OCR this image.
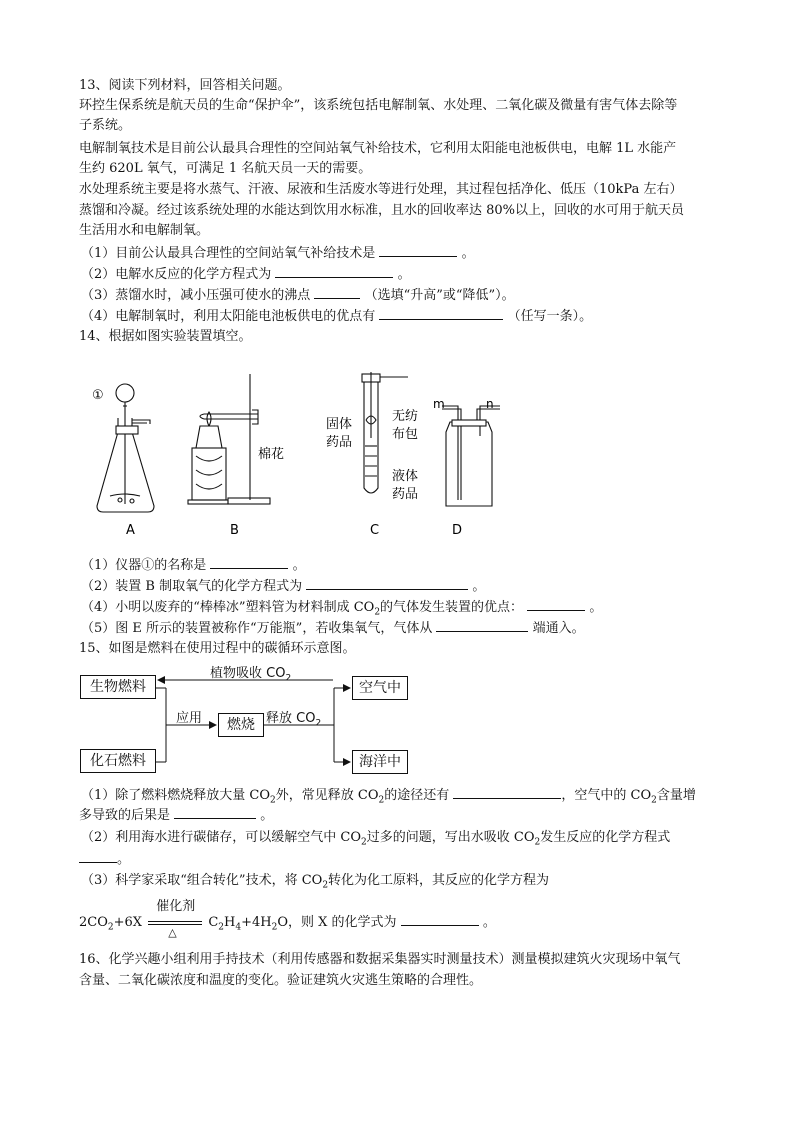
13、阅读下列材料，回答相关问题。
环控生保系统是航天员的生命“保护伞”，该系统包括电解制氧、水处理、二氧化碳及微量有害气体去除等
子系统。
电解制氧技术是目前公认最具合理性的空间站氧气补给技术，它利用太阳能电池板供电，电解 1L 水能产
生约 620L 氧气，可满足 1 名航天员一天的需要。
水处理系统主要是将水蒸气、汗液、尿液和生活废水等进行处理，其过程包括净化、低压（10kPa 左右）
蒸馏和冷凝。经过该系统处理的水能达到饮用水标准，且水的回收率达 80%以上，回收的水可用于航天员
生活用水和电解制氧。
（1）目前公认最具合理性的空间站氧气补给技术是	。
（2）电解水反应的化学方程式为	。
（3）蒸馏水时，减小压强可使水的沸点	（选填“升高”或“降低”）。
（4）电解制氧时，利用太阳能电池板供电的优点有	（任写一条）。
14、根据如图实验装置填空。
①
棉花
固体
药品
无纺
布包
液体
药品
m	n
A	B	C	D
（1）仪器①的名称是	。
（2）装置 B 制取氧气的化学方程式为	。
（4）小明以废弃的“棒棒冰”塑料管为材料制成 $CO_2$的气体发生装置的优点：	。
（5）图 E 所示的装置被称作“万能瓶”，若收集氧气，气体从	端通入。
15、如图是燃料在使用过程中的碳循环示意图。
植物吸收 $CO_2$
生物燃料
化石燃料
应用	燃烧 释放 $CO_2$
空气中
海洋中
（1）除了燃料燃烧释放大量 $CO_2$外，常见释放 $CO_2$的途径还有	，空气中的 $CO_2$含量增
多导致的后果是	。
（2）利用海水进行碳储存，可以缓解空气中 $CO_2$过多的问题，写出水吸收 $CO_2$发生反应的化学方程式
。
（3）科学家采取“组合转化”技术，将 $CO_2$转化为化工原料，其反应的化学方程为
$2CO_2+6X$
催化剂
△
$C_2H_4+4H_2O$，则 X 的化学式为	。
16、化学兴趣小组利用手持技术（利用传感器和数据采集器实时测量技术）测量模拟建筑火灾现场中氧气
含量、二氧化碳浓度和温度的变化。验证建筑火灾逃生策略的合理性。
